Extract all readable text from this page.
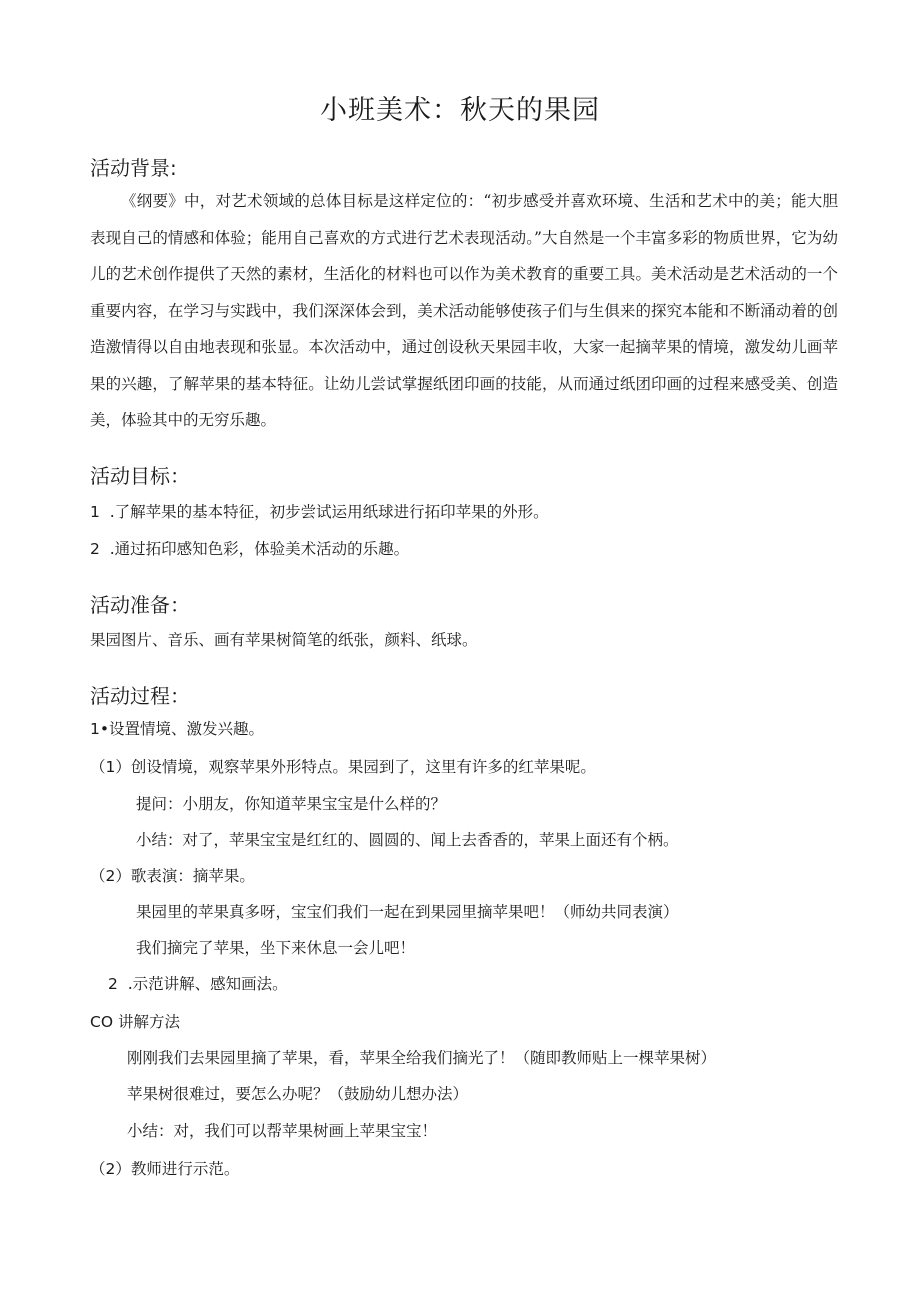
小班美术：秋天的果园
活动背景:

《纲要》中，对艺术领域的总体目标是这样定位的：“初步感受并喜欢环境、生活和艺术中的美；能大胆表现自己的情感和体验；能用自己喜欢的方式进行艺术表现活动。”大自然是一个丰富多彩的物质世界，它为幼儿的艺术创作提供了天然的素材，生活化的材料也可以作为美术教育的重要工具。美术活动是艺术活动的一个重要内容，在学习与实践中，我们深深体会到，美术活动能够使孩子们与生俱来的探究本能和不断涌动着的创造激情得以自由地表现和张显。本次活动中，通过创设秋天果园丰收，大家一起摘苹果的情境，激发幼儿画苹果的兴趣，了解苹果的基本特征。让幼儿尝试掌握纸团印画的技能，从而通过纸团印画的过程来感受美、创造美，体验其中的无穷乐趣。

活动目标：
1 .了解苹果的基本特征，初步尝试运用纸球进行拓印苹果的外形。
2 .通过拓印感知色彩，体验美术活动的乐趣。
活动准备：
果园图片、音乐、画有苹果树简笔的纸张，颜料、纸球。
活动过程：
1•设置情境、激发兴趣。
（1）创设情境，观察苹果外形特点。果园到了，这里有许多的红苹果呢。
提问：小朋友，你知道苹果宝宝是什么样的？
小结：对了，苹果宝宝是红红的、圆圆的、闻上去香香的，苹果上面还有个柄。
（2）歌表演：摘苹果。
果园里的苹果真多呀，宝宝们我们一起在到果园里摘苹果吧！（师幼共同表演）
我们摘完了苹果，坐下来休息一会儿吧！
2 .示范讲解、感知画法。
CO 讲解方法
刚刚我们去果园里摘了苹果，看，苹果全给我们摘光了！（随即教师贴上一棵苹果树）
苹果树很难过，要怎么办呢？（鼓励幼儿想办法）
小结：对，我们可以帮苹果树画上苹果宝宝！
（2）教师进行示范。
